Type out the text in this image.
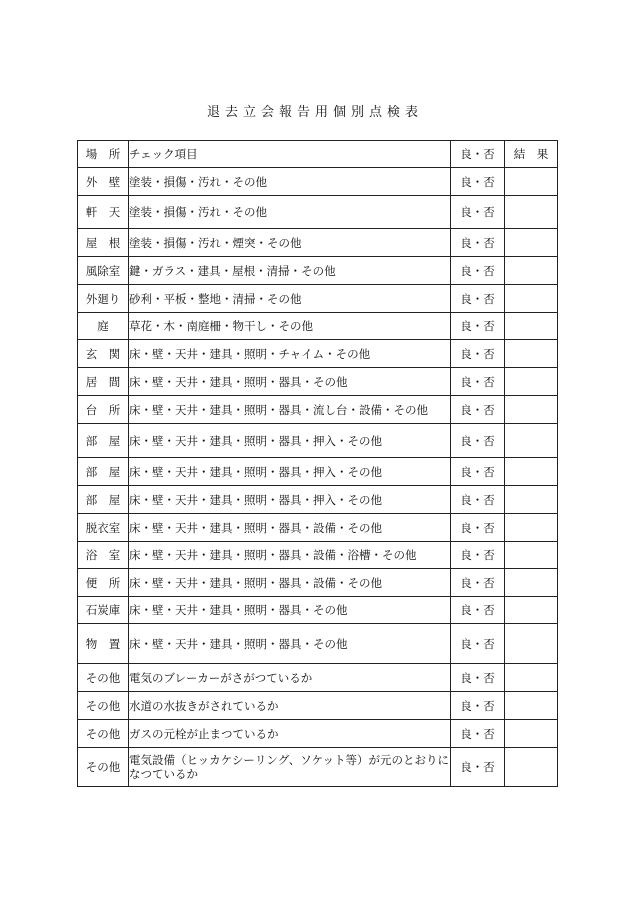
退去立会報告用個別点検表
場　所	チェック項目	良・否	結　果
外　壁	塗装・損傷・汚れ・その他	良・否	
軒　天	塗装・損傷・汚れ・その他	良・否	
屋　根	塗装・損傷・汚れ・煙突・その他	良・否	
風除室	鍵・ガラス・建具・屋根・清掃・その他	良・否	
外廻り	砂利・平板・整地・清掃・その他	良・否	
庭	草花・木・南庭柵・物干し・その他	良・否	
玄　関	床・壁・天井・建具・照明・チャイム・その他	良・否	
居　間	床・壁・天井・建具・照明・器具・その他	良・否	
台　所	床・壁・天井・建具・照明・器具・流し台・設備・その他	良・否	
部　屋	床・壁・天井・建具・照明・器具・押入・その他	良・否	
部　屋	床・壁・天井・建具・照明・器具・押入・その他	良・否	
部　屋	床・壁・天井・建具・照明・器具・押入・その他	良・否	
脱衣室	床・壁・天井・建具・照明・器具・設備・その他	良・否	
浴　室	床・壁・天井・建具・照明・器具・設備・浴槽・その他	良・否	
便　所	床・壁・天井・建具・照明・器具・設備・その他	良・否	
石炭庫	床・壁・天井・建具・照明・器具・その他	良・否	
物　置	床・壁・天井・建具・照明・器具・その他	良・否	
その他	電気のブレーカーがさがつているか	良・否	
その他	水道の水抜きがされているか	良・否	
その他	ガスの元栓が止まつているか	良・否	
その他	電気設備（ヒッカケシーリング、ソケット等）が元のとおりになつているか	良・否	
